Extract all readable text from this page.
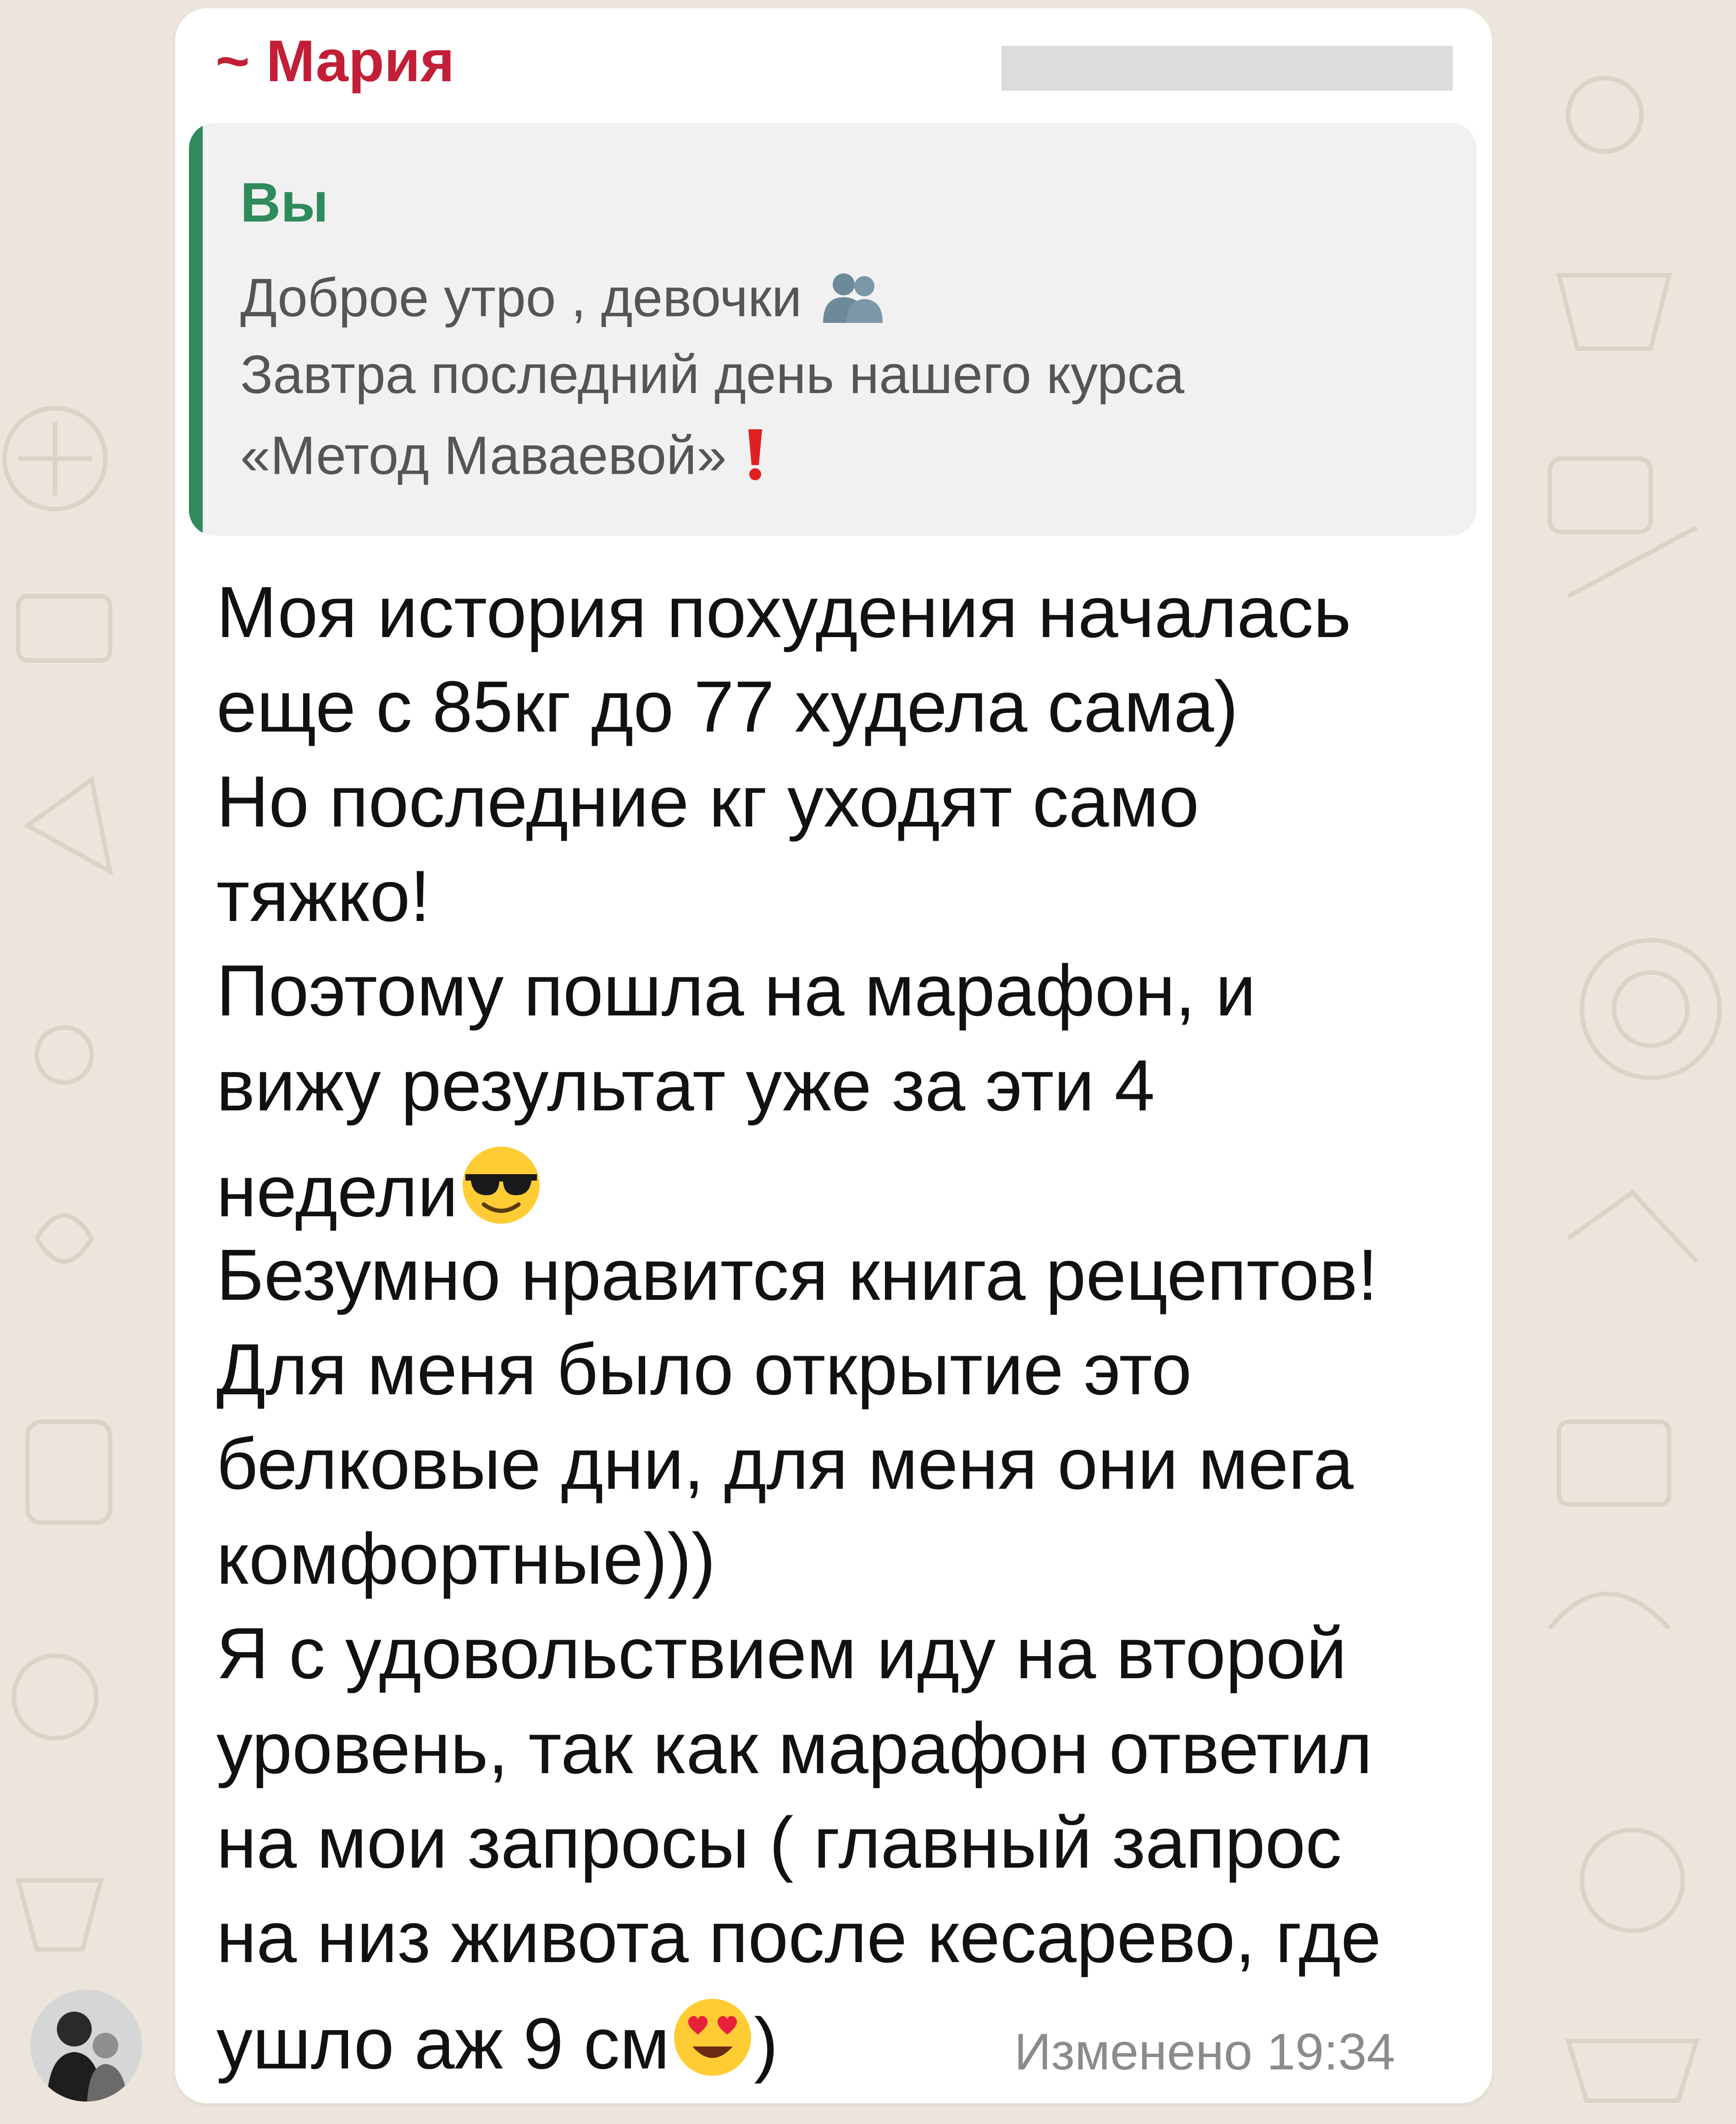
~ Мария
Вы
Доброе утро , девочки
Завтра последний день нашего курса
«Метод Маваевой»
Моя история похудения началась
еще с 85кг до 77 худела сама)
Но последние кг уходят само
тяжко!
Поэтому пошла на марафон, и
вижу результат уже за эти 4
недели
Безумно нравится книга рецептов!
Для меня было открытие это
белковые дни, для меня они мега
комфортные)))
Я с удовольствием иду на второй
уровень, так как марафон ответил
на мои запросы ( главный запрос
на низ живота после кесарево, где
ушло аж 9 см )	Изменено 19:34
